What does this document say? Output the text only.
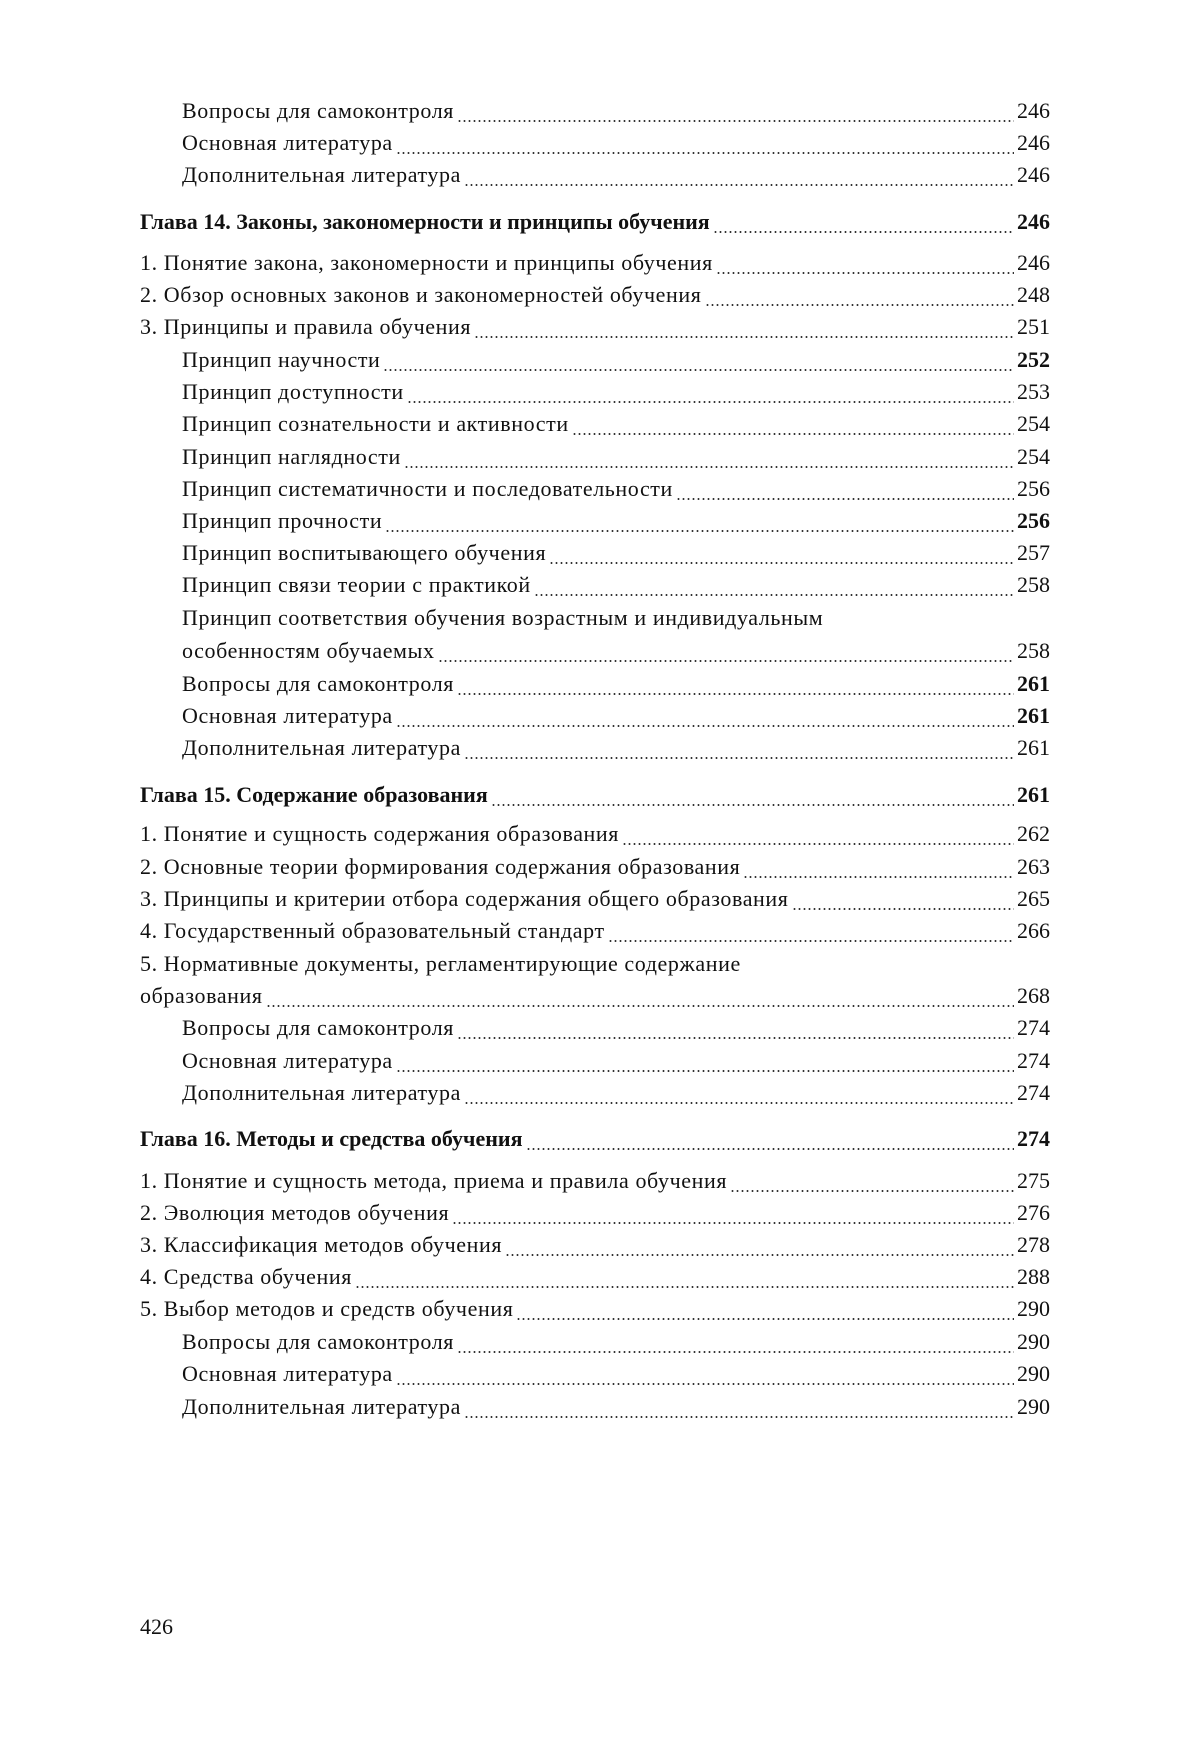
Вопросы для самоконтроля	246
Основная литература	246
Дополнительная литература	246
Глава 14. Законы, закономерности и принципы обучения	246
1. Понятие закона, закономерности и принципы обучения	246
2. Обзор основных законов и закономерностей обучения	248
3. Принципы и правила обучения	251
Принцип научности	252
Принцип доступности	253
Принцип сознательности и активности	254
Принцип наглядности	254
Принцип систематичности и последовательности	256
Принцип прочности	256
Принцип воспитывающего обучения	257
Принцип связи теории с практикой	258
Принцип соответствия обучения возрастным и индивидуальным
особенностям обучаемых	258
Вопросы для самоконтроля	261
Основная литература	261
Дополнительная литература	261
Глава 15. Содержание образования	261
1. Понятие и сущность содержания образования	262
2. Основные теории формирования содержания образования	263
3. Принципы и критерии отбора содержания общего образования	265
4. Государственный образовательный стандарт	266
5. Нормативные документы, регламентирующие содержание
образования	268
Вопросы для самоконтроля	274
Основная литература	274
Дополнительная литература	274
Глава 16. Методы и средства обучения	274
1. Понятие и сущность метода, приема и правила обучения	275
2. Эволюция методов обучения	276
3. Классификация методов обучения	278
4. Средства обучения	288
5. Выбор методов и средств обучения	290
Вопросы для самоконтроля	290
Основная литература	290
Дополнительная литература	290
426
